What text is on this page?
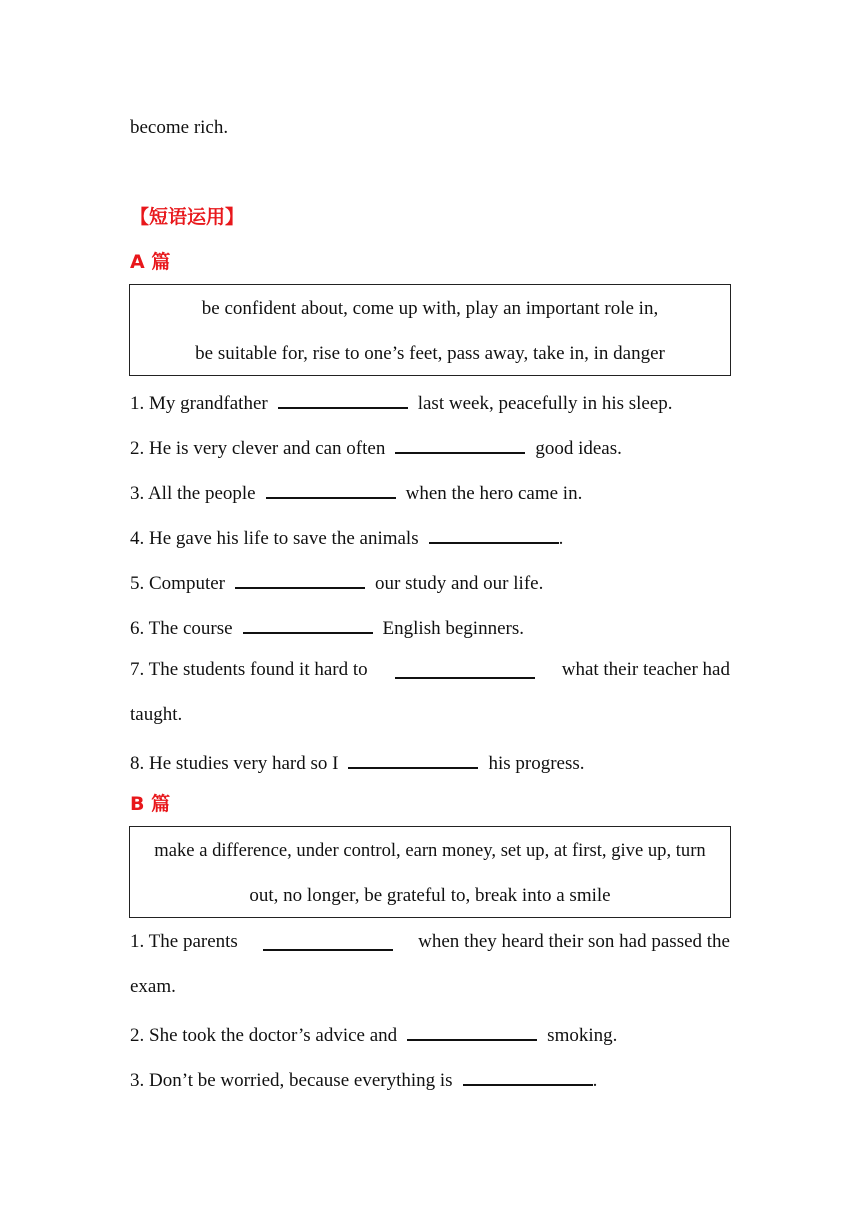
become rich.
【短语运用】
A 篇
be confident about, come up with, play an important role in,
be suitable for, rise to one’s feet, pass away, take in, in danger
1. My grandfather	last week, peacefully in his sleep.
2. He is very clever and can often	good ideas.
3. All the people	when the hero came in.
4. He gave his life to save the animals	.
5. Computer	our study and our life.
6. The course	English beginners.
7. The students found it hard to	what their teacher had
taught.
8. He studies very hard so I	his progress.
B 篇
make a difference, under control, earn money, set up, at first, give up, turn
out, no longer, be grateful to, break into a smile
1. The parents	when they heard their son had passed the
exam.
2. She took the doctor’s advice and	smoking.
3. Don’t be worried, because everything is	.
